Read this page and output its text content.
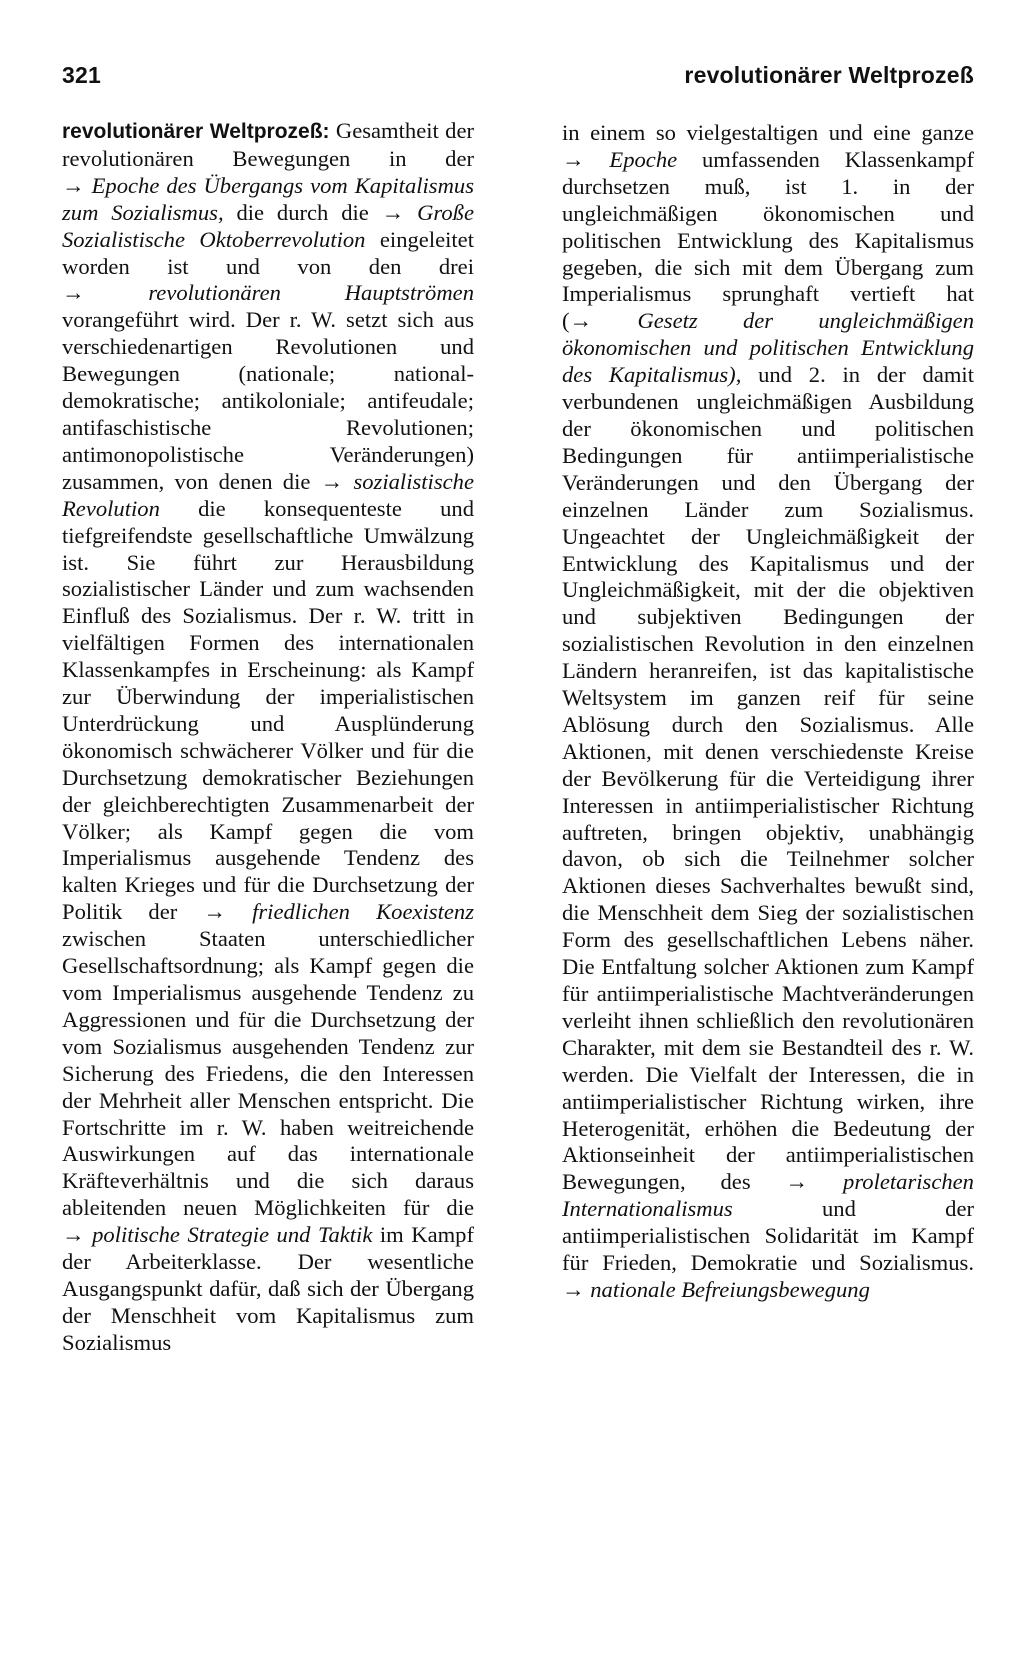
321	revolutionärer Weltprozeß

revolutionärer Weltprozeß: Gesamtheit der revolutionären Bewegungen in der → Epoche des Übergangs vom Kapitalismus zum Sozialismus, die durch die → Große Sozialistische Oktoberrevolution eingeleitet worden ist und von den drei →	revolutionären Hauptströmen vorangeführt wird. Der r. W. setzt sich aus verschiedenartigen Revolutionen und Bewegungen (nationale; national-demokratische; antikoloniale; antifeudale; antifaschistische Revolutionen; antimonopolistische Veränderungen) zusammen, von denen die → sozialistische Revolution die konsequenteste und tiefgreifendste gesellschaftliche Umwälzung ist. Sie führt zur Herausbildung sozialistischer Länder und zum wachsenden Einfluß des Sozialismus. Der r. W. tritt in vielfältigen Formen des internationalen Klassenkampfes in Erscheinung: als Kampf zur Überwindung der imperialistischen Unterdrückung und Ausplünderung ökonomisch schwächerer Völker und für die Durchsetzung demokratischer Beziehungen der gleichberechtigten Zusammenarbeit der Völker; als Kampf gegen die vom Imperialismus ausgehende Tendenz des kalten Krieges und für die Durchsetzung der Politik der → friedlichen Koexistenz zwischen Staaten unterschiedlicher Gesellschaftsordnung; als Kampf gegen die vom Imperialismus ausgehende Tendenz zu Aggressionen und für die Durchsetzung der vom Sozialismus ausgehenden Tendenz zur Sicherung des Friedens, die den Interessen der Mehrheit aller Menschen entspricht. Die Fortschritte im r. W. haben weitreichende Auswirkungen auf das internationale Kräfteverhältnis und die sich daraus ableitenden neuen Möglichkeiten für die → politische Strategie und Taktik im Kampf der Arbeiterklasse. Der wesentliche Ausgangspunkt dafür, daß sich der Übergang der Menschheit vom Kapitalismus zum Sozialismus

in einem so vielgestaltigen und eine ganze → Epoche umfassenden Klassenkampf durchsetzen muß, ist 1. in der ungleichmäßigen ökonomischen und politischen Entwicklung des Kapitalismus gegeben, die sich mit dem Übergang zum Imperialismus sprunghaft vertieft hat (→ Gesetz der ungleichmäßigen ökonomischen und politischen Entwicklung des Kapitalismus), und 2. in der damit verbundenen ungleichmäßigen Ausbildung der ökonomischen und politischen Bedingungen für antiimperialistische Veränderungen und den Übergang der einzelnen Länder zum Sozialismus. Ungeachtet der Ungleichmäßigkeit der Entwicklung des Kapitalismus und der Ungleichmäßigkeit, mit der die objektiven und subjektiven Bedingungen der sozialistischen Revolution in den einzelnen Ländern heranreifen, ist das kapitalistische Weltsystem im ganzen reif für seine Ablösung durch den Sozialismus. Alle Aktionen, mit denen verschiedenste Kreise der Bevölkerung für die Verteidigung ihrer Interessen in antiimperialistischer Richtung auftreten, bringen objektiv, unabhängig davon, ob sich die Teilnehmer solcher Aktionen dieses Sachverhaltes bewußt sind, die Menschheit dem Sieg der sozialistischen Form des gesellschaftlichen Lebens näher. Die Entfaltung solcher Aktionen zum Kampf für antiimperialistische Machtveränderungen verleiht ihnen schließlich den revolutionären Charakter, mit dem sie Bestandteil des r. W. werden. Die Vielfalt der Interessen, die in antiimperialistischer Richtung wirken, ihre Heterogenität, erhöhen die Bedeutung der Aktionseinheit der antiimperialistischen Bewegungen, des → proletarischen Internationalismus und der antiimperialistischen Solidarität im Kampf für Frieden, Demokratie und Sozialismus. → nationale Befreiungsbewegung
